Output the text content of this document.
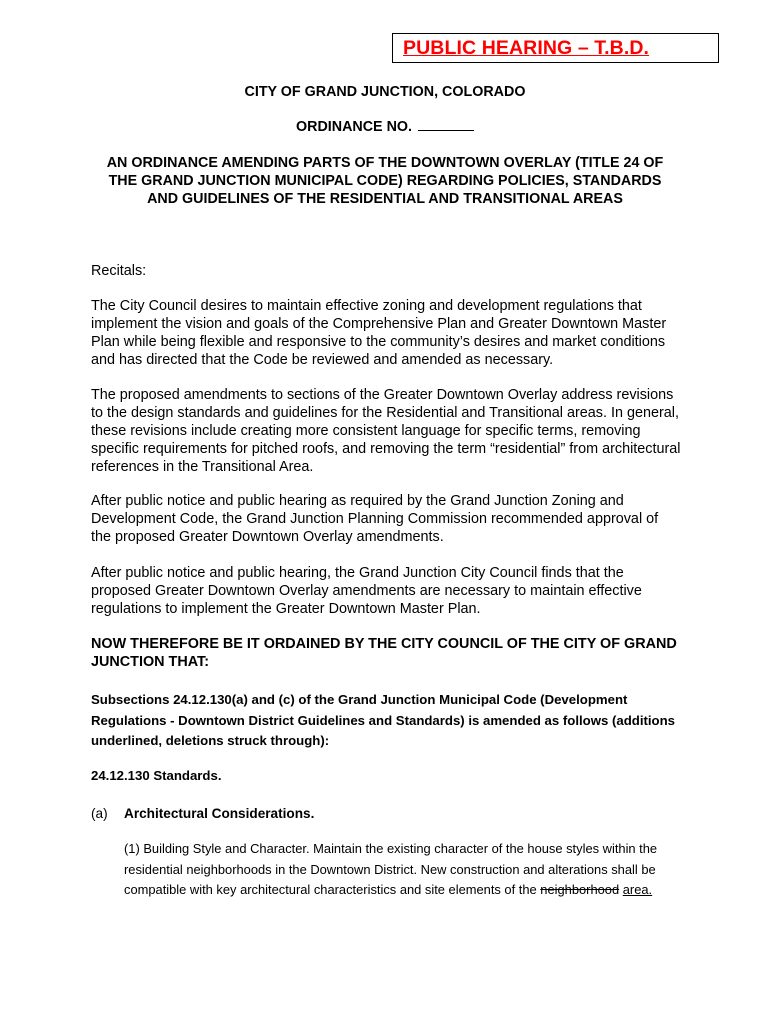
PUBLIC HEARING – T.B.D.
CITY OF GRAND JUNCTION, COLORADO
ORDINANCE NO.
AN ORDINANCE AMENDING PARTS OF THE DOWNTOWN OVERLAY (TITLE 24 OF THE GRAND JUNCTION MUNICIPAL CODE) REGARDING POLICIES, STANDARDS AND GUIDELINES OF THE RESIDENTIAL AND TRANSITIONAL AREAS
Recitals:
The City Council desires to maintain effective zoning and development regulations that implement the vision and goals of the Comprehensive Plan and Greater Downtown Master Plan while being flexible and responsive to the community’s desires and market conditions and has directed that the Code be reviewed and amended as necessary.
The proposed amendments to sections of the Greater Downtown Overlay address revisions to the design standards and guidelines for the Residential and Transitional areas. In general, these revisions include creating more consistent language for specific terms, removing specific requirements for pitched roofs, and removing the term “residential” from architectural references in the Transitional Area.
After public notice and public hearing as required by the Grand Junction Zoning and Development Code, the Grand Junction Planning Commission recommended approval of the proposed Greater Downtown Overlay amendments.
After public notice and public hearing, the Grand Junction City Council finds that the proposed Greater Downtown Overlay amendments are necessary to maintain effective regulations to implement the Greater Downtown Master Plan.
NOW THEREFORE BE IT ORDAINED BY THE CITY COUNCIL OF THE CITY OF GRAND JUNCTION THAT:
Subsections 24.12.130(a) and (c) of the Grand Junction Municipal Code (Development Regulations - Downtown District Guidelines and Standards) is amended as follows (additions underlined, deletions struck through):
24.12.130 Standards.
(a) Architectural Considerations.
(1) Building Style and Character. Maintain the existing character of the house styles within the residential neighborhoods in the Downtown District. New construction and alterations shall be compatible with key architectural characteristics and site elements of the neighborhood area.
